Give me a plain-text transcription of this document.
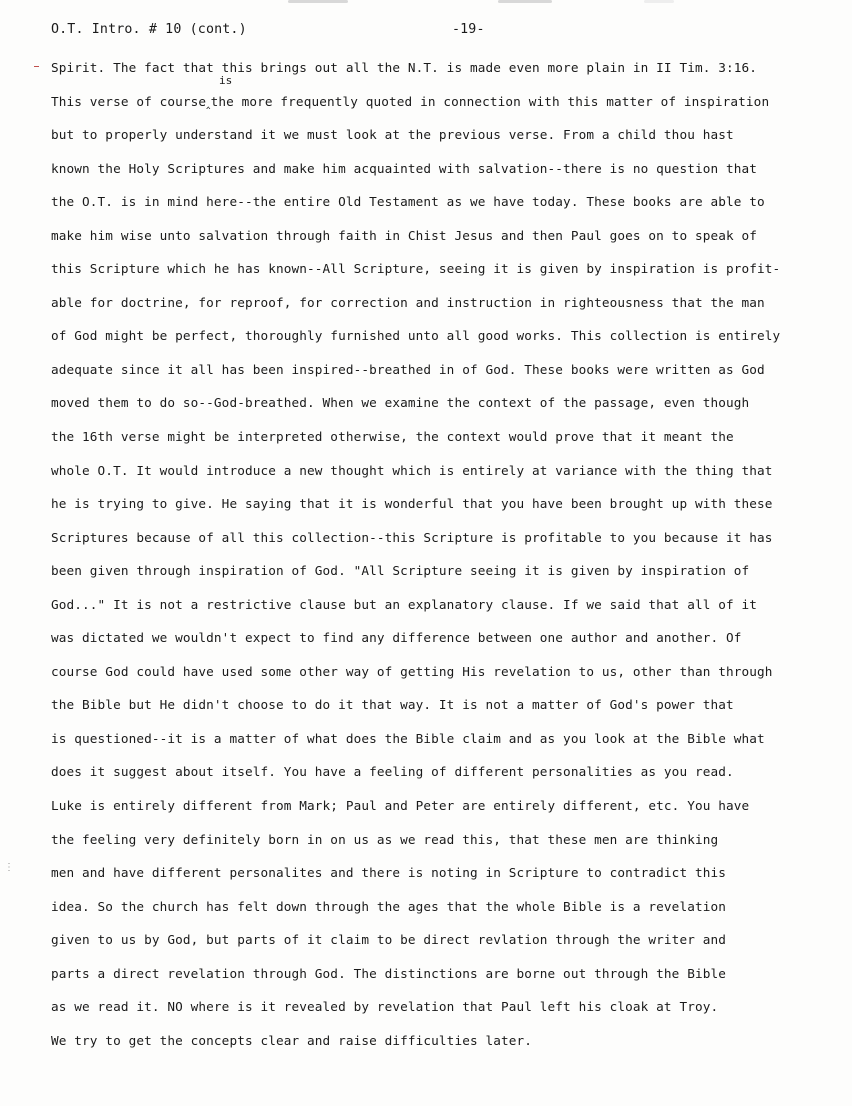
O.T. Intro. # 10 (cont.)	-19-
is
Spirit. The fact that this brings out all the N.T. is made even more plain in II Tim. 3:16.
This verse of course‸the more frequently quoted in connection with this matter of inspiration
but to properly understand it we must look at the previous verse. From a child thou hast
known the Holy Scriptures and make him acquainted with salvation--there is no question that
the O.T. is in mind here--the entire Old Testament as we have today. These books are able to
make him wise unto salvation through faith in Chist Jesus and then Paul goes on to speak of
this Scripture which he has known--All Scripture, seeing it is given by inspiration is profit-
able for doctrine, for reproof, for correction and instruction in righteousness that the man
of God might be perfect, thoroughly furnished unto all good works. This collection is entirely
adequate since it all has been inspired--breathed in of God. These books were written as God
moved them to do so--God-breathed. When we examine the context of the passage, even though
the 16th verse might be interpreted otherwise, the context would prove that it meant the
whole O.T. It would introduce a new thought which is entirely at variance with the thing that
he is trying to give. He saying that it is wonderful that you have been brought up with these
Scriptures because of all this collection--this Scripture is profitable to you because it has
been given through inspiration of God. "All Scripture seeing it is given by inspiration of
God..." It is not a restrictive clause but an explanatory clause. If we said that all of it
was dictated we wouldn't expect to find any difference between one author and another. Of
course God could have used some other way of getting His revelation to us, other than through
the Bible but He didn't choose to do it that way. It is not a matter of God's power that
is questioned--it is a matter of what does the Bible claim and as you look at the Bible what
does it suggest about itself. You have a feeling of different personalities as you read.
Luke is entirely different from Mark; Paul and Peter are entirely different, etc. You have
the feeling very definitely born in on us as we read this, that these men are thinking
men and have different personalites and there is noting in Scripture to contradict this
idea. So the church has felt down through the ages that the whole Bible is a revelation
given to us by God, but parts of it claim to be direct revlation through the writer and
parts a direct revelation through God. The distinctions are borne out through the Bible
as we read it. NO where is it revealed by revelation that Paul left his cloak at Troy.
We try to get the concepts clear and raise difficulties later.
⋮
